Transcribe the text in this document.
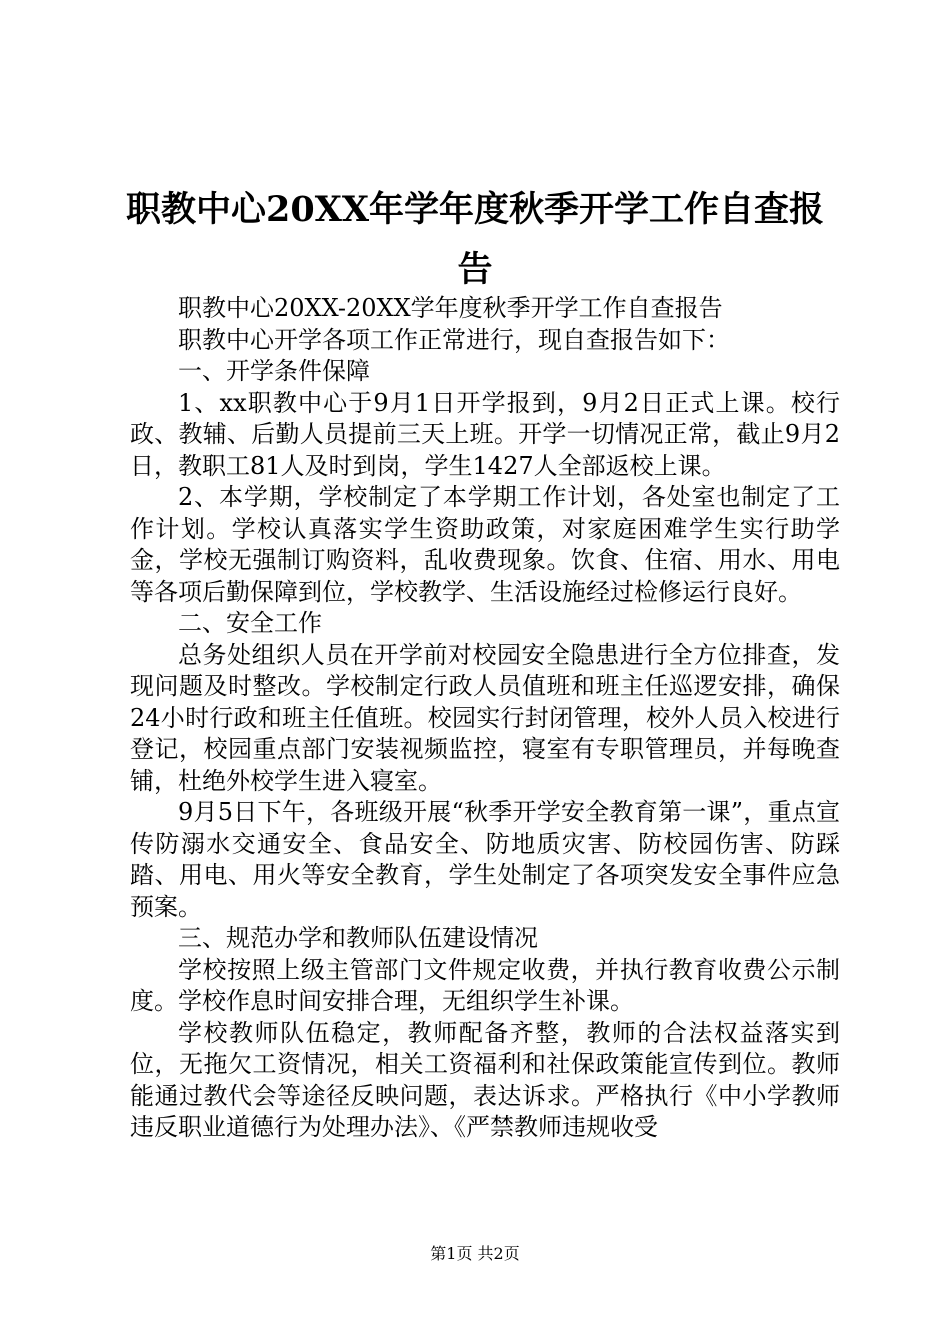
职教中心20XX年学年度秋季开学工作自查报告

职教中心20XX-20XX学年度秋季开学工作自查报告

职教中心开学各项工作正常进行，现自查报告如下：

一、开学条件保障

1、xx职教中心于9月1日开学报到，9月2日正式上课。校行政、教辅、后勤人员提前三天上班。开学一切情况正常，截止9月2日，教职工81人及时到岗，学生1427人全部返校上课。

2、本学期，学校制定了本学期工作计划，各处室也制定了工作计划。学校认真落实学生资助政策，对家庭困难学生实行助学金，学校无强制订购资料，乱收费现象。饮食、住宿、用水、用电等各项后勤保障到位，学校教学、生活设施经过检修运行良好。

二、安全工作

总务处组织人员在开学前对校园安全隐患进行全方位排查，发现问题及时整改。学校制定行政人员值班和班主任巡逻安排，确保24小时行政和班主任值班。校园实行封闭管理，校外人员入校进行登记，校园重点部门安装视频监控，寝室有专职管理员，并每晚查铺，杜绝外校学生进入寝室。

9月5日下午，各班级开展“秋季开学安全教育第一课”，重点宣传防溺水交通安全、食品安全、防地质灾害、防校园伤害、防踩踏、用电、用火等安全教育，学生处制定了各项突发安全事件应急预案。

三、规范办学和教师队伍建设情况

学校按照上级主管部门文件规定收费，并执行教育收费公示制度。学校作息时间安排合理，无组织学生补课。

学校教师队伍稳定，教师配备齐整，教师的合法权益落实到位，无拖欠工资情况，相关工资福利和社保政策能宣传到位。教师能通过教代会等途径反映问题，表达诉求。严格执行《中小学教师违反职业道德行为处理办法》、《严禁教师违规收受

第1页 共2页
